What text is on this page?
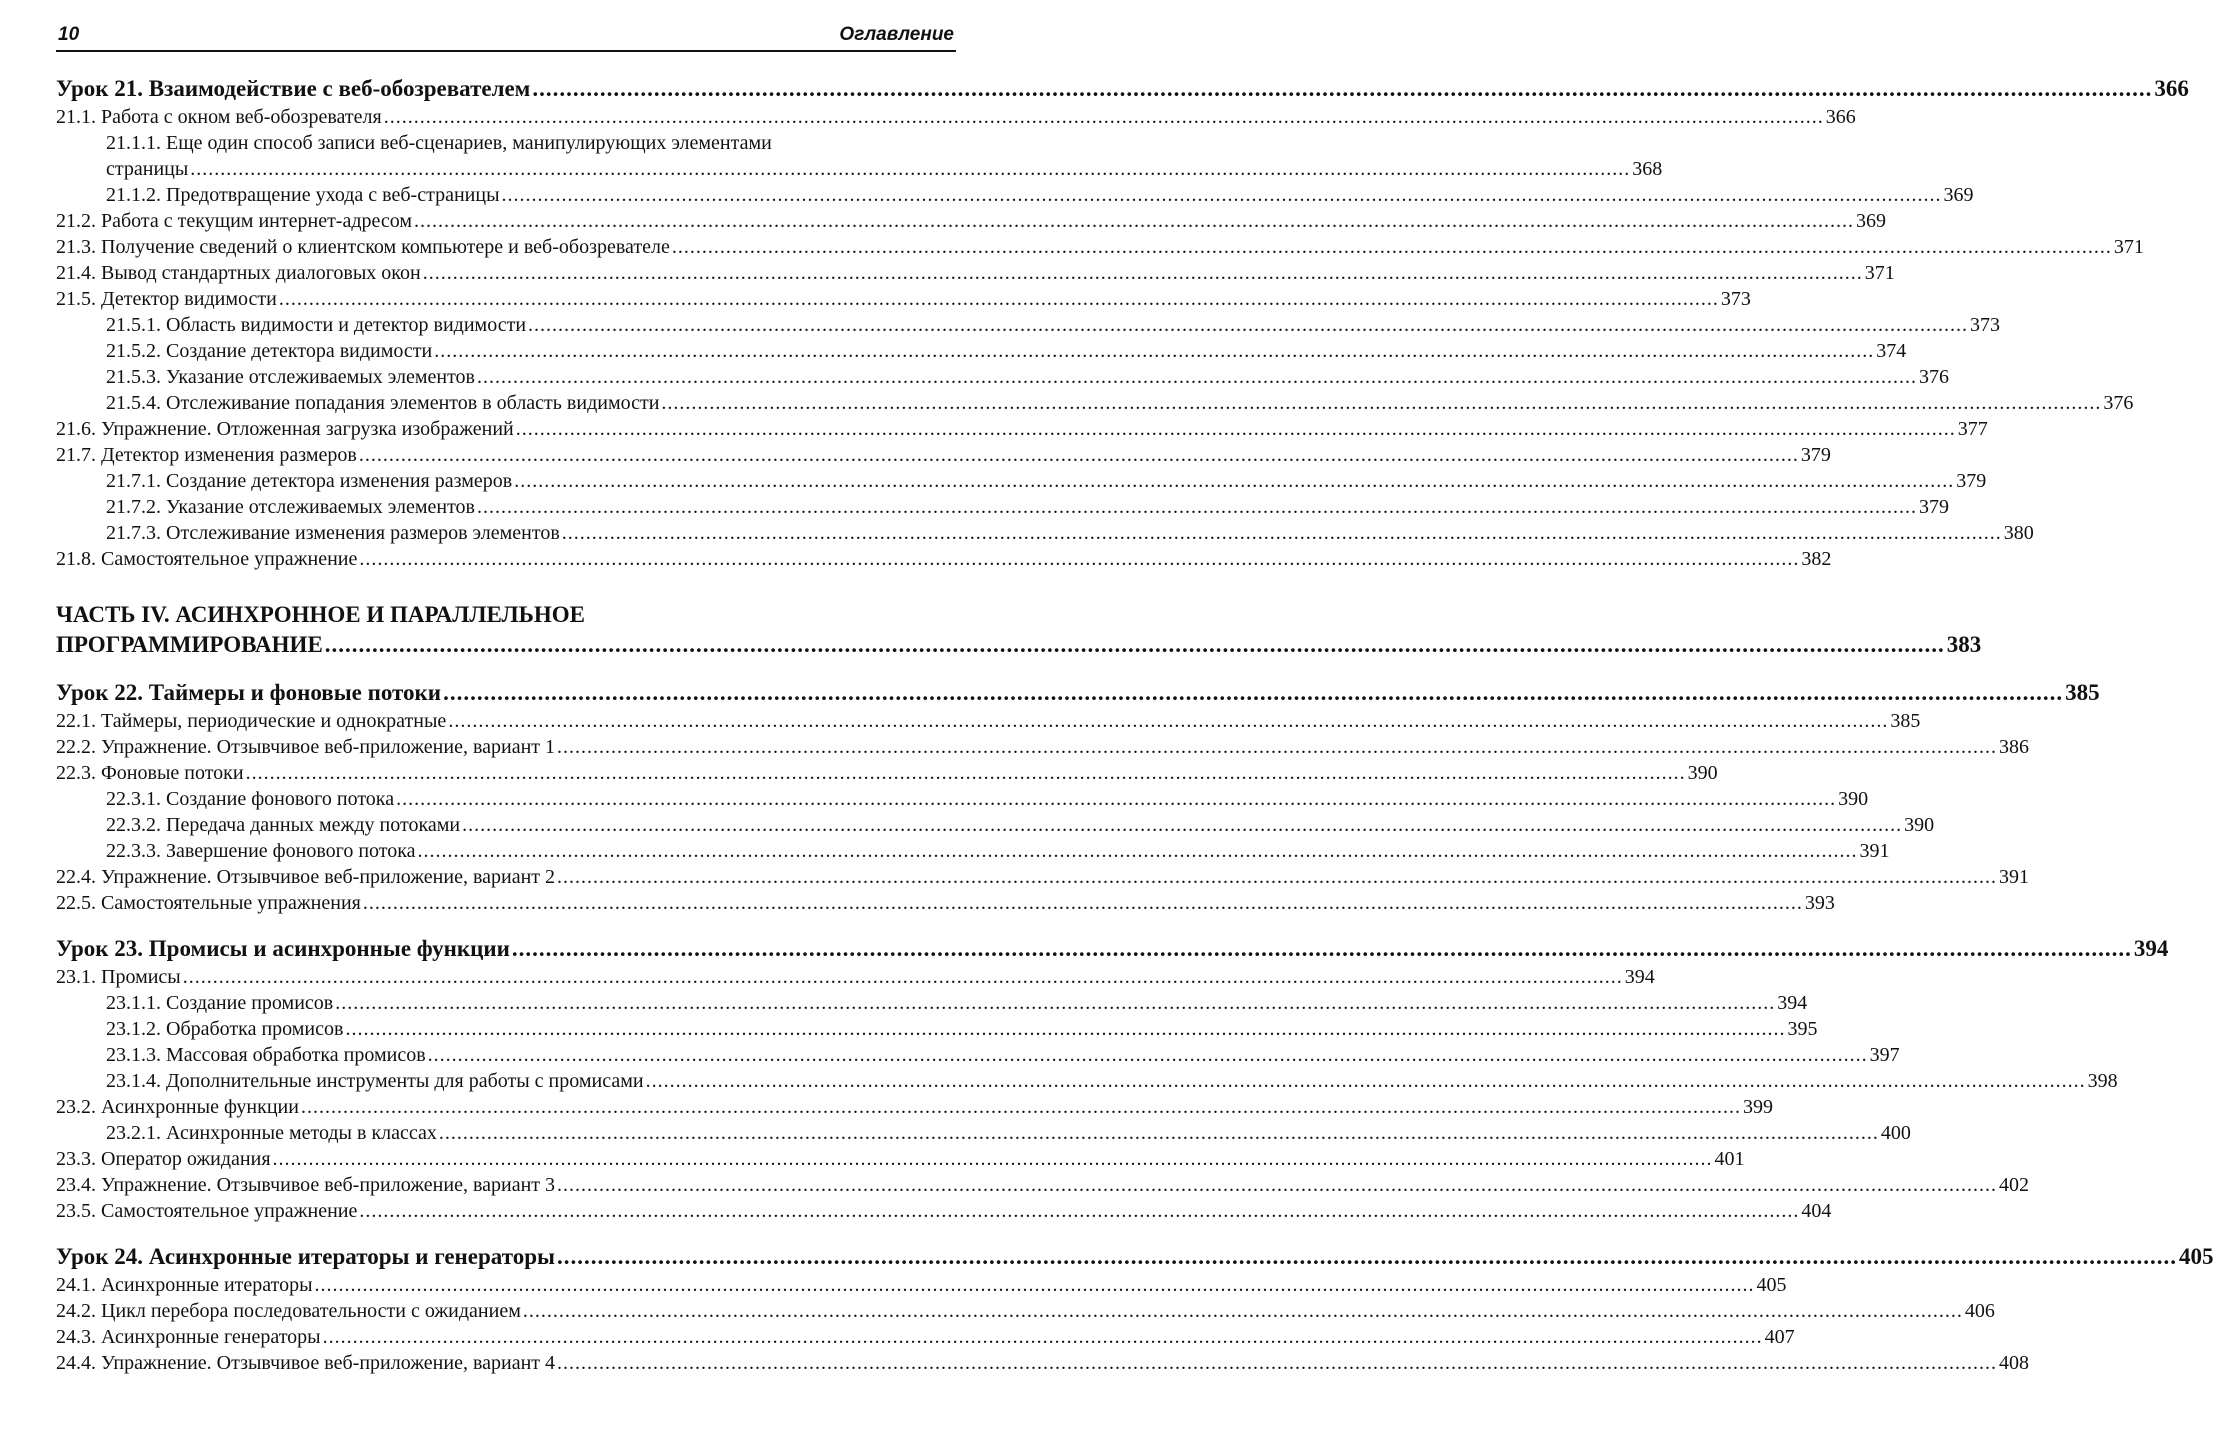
10	Оглавление
Урок 21. Взаимодействие с веб-обозревателем .....	366
21.1. Работа с окном веб-обозревателя .....	366
21.1.1. Еще один способ записи веб-сценариев, манипулирующих элементами
страницы .....	368
21.1.2. Предотвращение ухода с веб-страницы .....	369
21.2. Работа с текущим интернет-адресом .....	369
21.3. Получение сведений о клиентском компьютере и веб-обозревателе .....	371
21.4. Вывод стандартных диалоговых окон .....	371
21.5. Детектор видимости .....	373
21.5.1. Область видимости и детектор видимости .....	373
21.5.2. Создание детектора видимости .....	374
21.5.3. Указание отслеживаемых элементов .....	376
21.5.4. Отслеживание попадания элементов в область видимости .....	376
21.6. Упражнение. Отложенная загрузка изображений .....	377
21.7. Детектор изменения размеров .....	379
21.7.1. Создание детектора изменения размеров .....	379
21.7.2. Указание отслеживаемых элементов .....	379
21.7.3. Отслеживание изменения размеров элементов .....	380
21.8. Самостоятельное упражнение .....	382
ЧАСТЬ IV. АСИНХРОННОЕ И ПАРАЛЛЕЛЬНОЕ
ПРОГРАММИРОВАНИЕ .....	383
Урок 22. Таймеры и фоновые потоки .....	385
22.1. Таймеры, периодические и однократные .....	385
22.2. Упражнение. Отзывчивое веб-приложение, вариант 1 .....	386
22.3. Фоновые потоки .....	390
22.3.1. Создание фонового потока .....	390
22.3.2. Передача данных между потоками .....	390
22.3.3. Завершение фонового потока .....	391
22.4. Упражнение. Отзывчивое веб-приложение, вариант 2 .....	391
22.5. Самостоятельные упражнения .....	393
Урок 23. Промисы и асинхронные функции .....	394
23.1. Промисы .....	394
23.1.1. Создание промисов .....	394
23.1.2. Обработка промисов .....	395
23.1.3. Массовая обработка промисов .....	397
23.1.4. Дополнительные инструменты для работы с промисами .....	398
23.2. Асинхронные функции .....	399
23.2.1. Асинхронные методы в классах .....	400
23.3. Оператор ожидания .....	401
23.4. Упражнение. Отзывчивое веб-приложение, вариант 3 .....	402
23.5. Самостоятельное упражнение .....	404
Урок 24. Асинхронные итераторы и генераторы .....	405
24.1. Асинхронные итераторы .....	405
24.2. Цикл перебора последовательности с ожиданием .....	406
24.3. Асинхронные генераторы .....	407
24.4. Упражнение. Отзывчивое веб-приложение, вариант 4 .....	408
